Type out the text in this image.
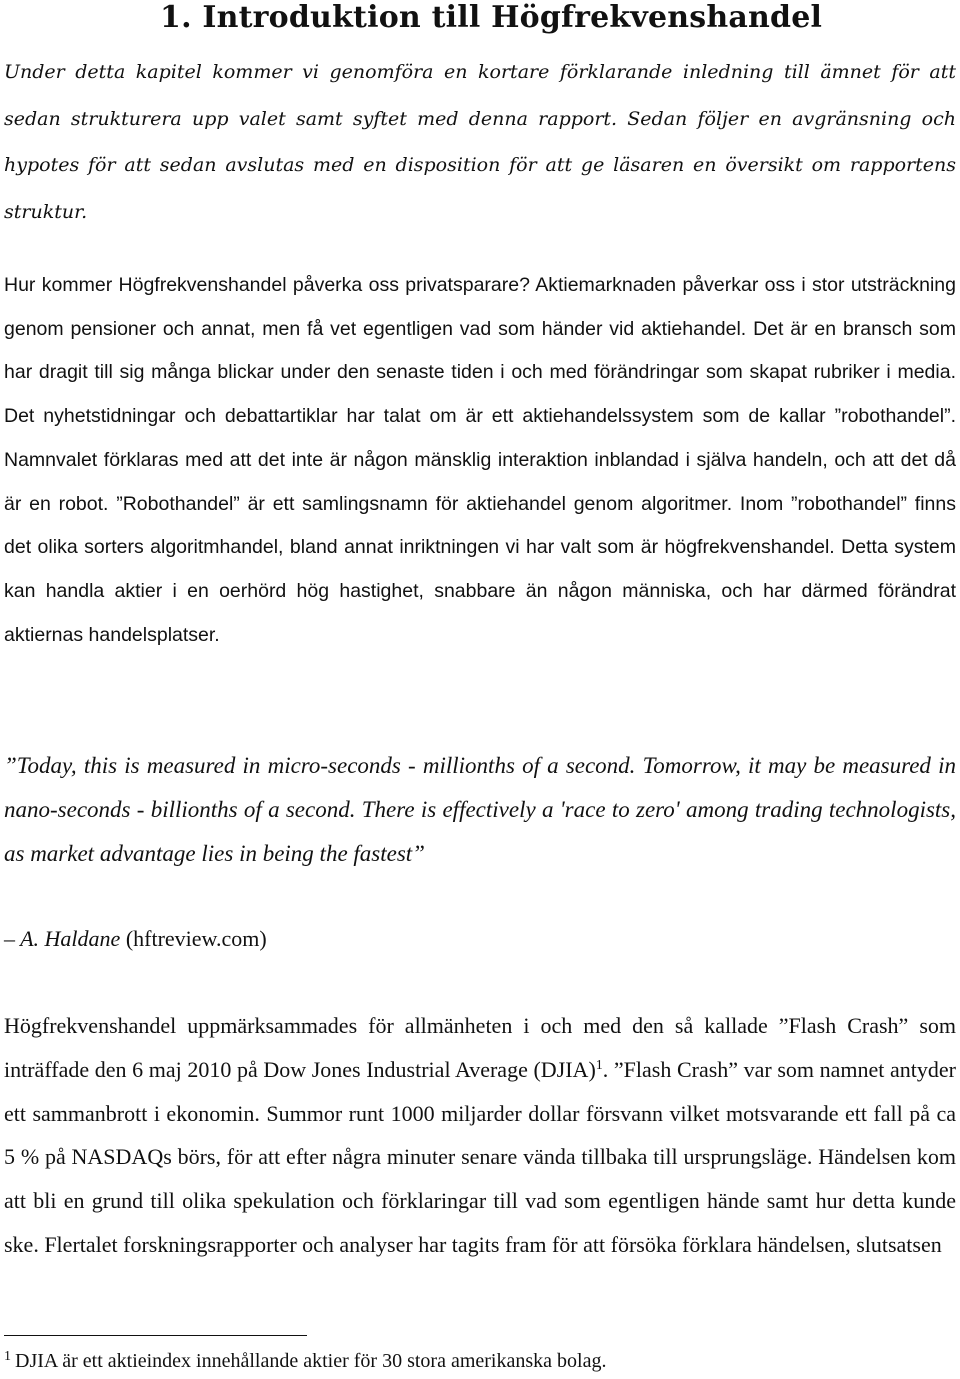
1. Introduktion till Högfrekvenshandel

Under detta kapitel kommer vi genomföra en kortare förklarande inledning till ämnet för att sedan strukturera upp valet samt syftet med denna rapport. Sedan följer en avgränsning och hypotes för att sedan avslutas med en disposition för att ge läsaren en översikt om rapportens struktur.

Hur kommer Högfrekvenshandel påverka oss privatsparare? Aktiemarknaden påverkar oss i stor utsträckning genom pensioner och annat, men få vet egentligen vad som händer vid aktiehandel. Det är en bransch som har dragit till sig många blickar under den senaste tiden i och med förändringar som skapat rubriker i media. Det nyhetstidningar och debattartiklar har talat om är ett aktiehandelssystem som de kallar ”robothandel”. Namnvalet förklaras med att det inte är någon mänsklig interaktion inblandad i själva handeln, och att det då är en robot. ”Robothandel” är ett samlingsnamn för aktiehandel genom algoritmer. Inom ”robothandel” finns det olika sorters algoritmhandel, bland annat inriktningen vi har valt som är högfrekvenshandel. Detta system kan handla aktier i en oerhörd hög hastighet, snabbare än någon människa, och har därmed förändrat aktiernas handelsplatser.

”Today, this is measured in micro-seconds - millionths of a second. Tomorrow, it may be measured in nano-seconds - billionths of a second. There is effectively a 'race to zero' among trading technologists, as market advantage lies in being the fastest”

– A. Haldane (hftreview.com)

Högfrekvenshandel uppmärksammades för allmänheten i och med den så kallade ”Flash Crash” som inträffade den 6 maj 2010 på Dow Jones Industrial Average (DJIA)$^1$. ”Flash Crash” var som namnet antyder ett sammanbrott i ekonomin. Summor runt 1000 miljarder dollar försvann vilket motsvarande ett fall på ca 5 % på NASDAQs börs, för att efter några minuter senare vända tillbaka till ursprungsläge. Händelsen kom att bli en grund till olika spekulation och förklaringar till vad som egentligen hände samt hur detta kunde ske. Flertalet forskningsrapporter och analyser har tagits fram för att försöka förklara händelsen, slutsatsen

$^1$ DJIA är ett aktieindex innehållande aktier för 30 stora amerikanska bolag.
